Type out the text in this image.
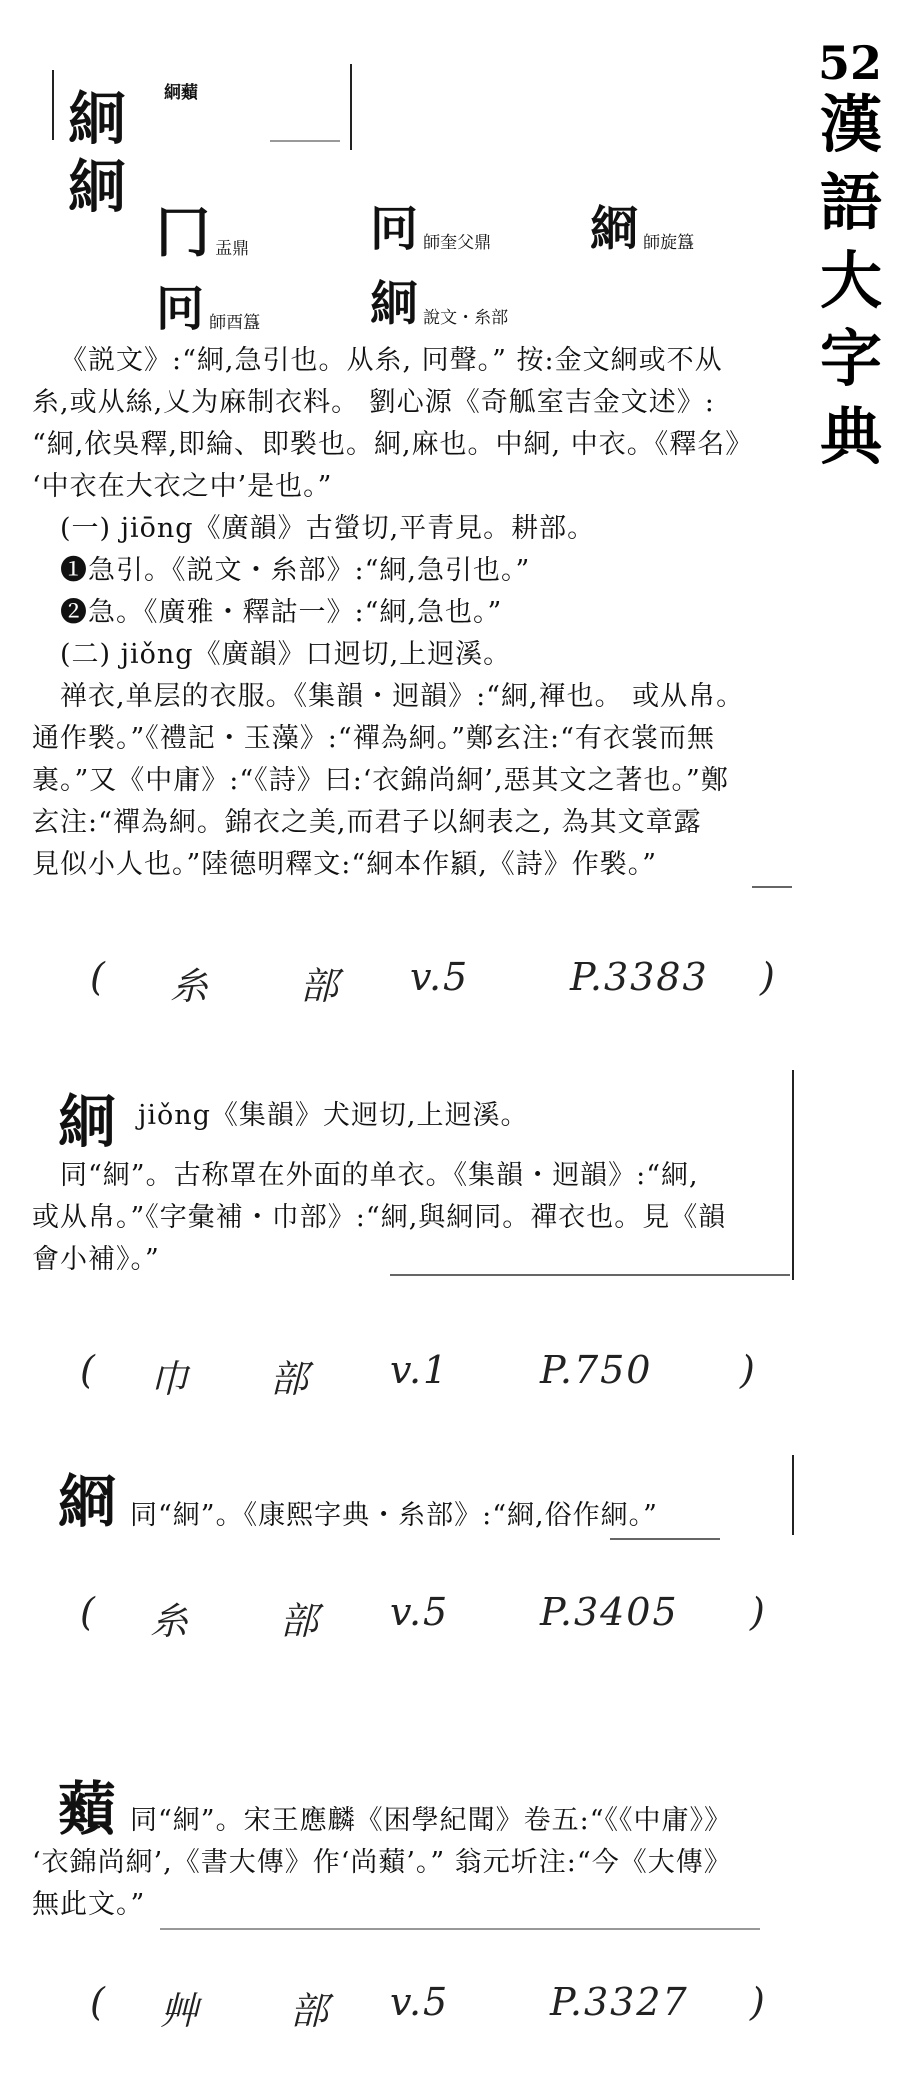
52
漢
語
大
字
典
絅
絅
絅蘱
冂 盂鼎	冋 師奎父鼎 綗 師旋簋
冋 師酉簋 絅 說文・糸部
《説文》:“絅,急引也。从糸, 冋聲。” 按:金文絅或不从
糸,或从絲,乂为麻制衣料。 劉心源《奇觚室吉金文述》:
“絅,依吳釋,即綸、即褧也。絅,麻也。中絅, 中衣。《釋名》
‘中衣在大衣之中’是也。”
(一) jiōng《廣韻》古螢切,平青見。耕部。
❶急引。《説文・糸部》:“絅,急引也。”
❷急。《廣雅・釋詁一》:“絅,急也。”
(二) jiǒng《廣韻》口迥切,上迥溪。
禅衣,单层的衣服。《集韻・迥韻》:“絅,褌也。 或从帛。
通作褧。”《禮記・玉藻》:“禪為絅。”鄭玄注:“有衣裳而無
裏。”又《中庸》:“《詩》曰:‘衣錦尚絅’,惡其文之著也。”鄭
玄注:“禪為絅。錦衣之美,而君子以絅表之, 為其文章露
見似小人也。”陸德明釋文:“絅本作顈,《詩》作褧。”
( 糸 部 v.5	P.3383 )
絅 jiǒng《集韻》犬迥切,上迥溪。
同“絅”。古称罩在外面的单衣。《集韻・迥韻》:“絅,
或从帛。”《字彙補・巾部》:“絅,與絅同。禪衣也。見《韻
會小補》。”
( 巾 部 v.1 P.750 )
綗 同“絅”。《康熙字典・糸部》:“綗,俗作絅。”
( 糸 部 v.5 P.3405 )
蘱 同“絅”。宋王應麟《困學紀聞》卷五:“《《中庸》》
‘衣錦尚絅’,《書大傳》作‘尚蘱’。” 翁元圻注:“今《大傳》
無此文。”
( 艸 部 v.5	P.3327 )
